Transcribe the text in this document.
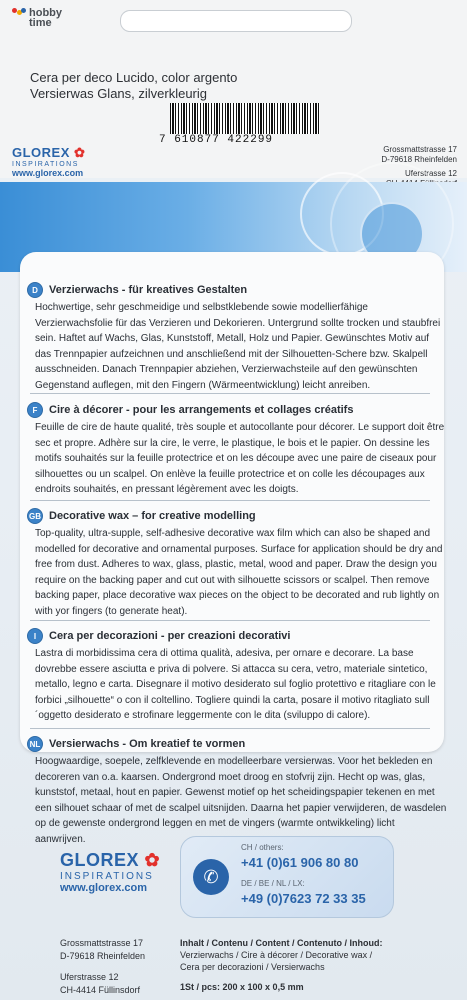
hobby
time
Cera per deco Lucido, color argento
Versierwas Glans, zilverkleurig
7 610877 422299
GLOREX ✿
INSPIRATIONS
www.glorex.com
Grossmattstrasse 17
D-79618 Rheinfelden
Uferstrasse 12
D	Verzierwachs - für kreatives Gestalten

Hochwertige, sehr geschmeidige und selbstklebende sowie modellierfähige Verzierwachsfolie für das Verzieren und Dekorieren. Untergrund sollte trocken und staubfrei sein. Haftet auf Wachs, Glas, Kunststoff, Metall, Holz und Papier. Gewünschtes Motiv auf das Trennpapier aufzeichnen und anschließend mit der Silhouetten-Schere bzw. Skalpell ausschneiden. Danach Trennpapier abziehen, Verzierwachsteile auf den gewünschten Gegenstand auflegen, mit den Fingern (Wärmeentwicklung) leicht anreiben.

F	Cire à décorer - pour les arrangements et collages créatifs

Feuille de cire de haute qualité, très souple et autocollante pour décorer. Le support doit être sec et propre. Adhère sur la cire, le verre, le plastique, le bois et le papier. On dessine les motifs souhaités sur la feuille protectrice et on les découpe avec une paire de ciseaux pour silhouettes ou un scalpel. On enlève la feuille protectrice et on colle les découpages aux endroits souhaités, en pressant légèrement avec les doigts.

GB Decorative wax – for creative modelling

Top-quality, ultra-supple, self-adhesive decorative wax film which can also be shaped and modelled for decorative and ornamental purposes. Surface for application should be dry and free from dust. Adheres to wax, glass, plastic, metal, wood and paper. Draw the design you require on the backing paper and cut out with silhouette scissors or scalpel. Then remove backing paper, place decorative wax pieces on the object to be decorated and rub lightly on with yor fingers (to generate heat).

I	Cera per decorazioni - per creazioni decorativi

Lastra di morbidissima cera di ottima qualità, adesiva, per ornare e decorare. La base dovrebbe essere asciutta e priva di polvere. Si attacca su cera, vetro, materiale sintetico, metallo, legno e carta. Disegnare il motivo desiderato sul foglio protettivo e ritagliare con le forbici „silhouette“ o con il coltellino. Togliere quindi la carta, posare il motivo ritagliato sull´oggetto desiderato e strofinare leggermente con le dita (sviluppo di calore).

NL Versierwachs - Om kreatief te vormen

Hoogwaardige, soepele, zelfklevende en modelleerbare versierwas. Voor het bekleden en decoreren van o.a. kaarsen. Ondergrond moet droog en stofvrij zijn. Hecht op was, glas, kunststof, metaal, hout en papier. Gewenst motief op het scheidingspapier tekenen en met een silhouet schaar of met de scalpel uitsnijden. Daarna het papier verwijderen, de wasdelen op de gewenste ondergrond leggen en met de vingers (warmte ontwikkeling) licht aanwrijven.

GLOREX ✿
INSPIRATIONS
www.glorex.com
✆
CH / others:
+41 (0)61 906 80 80
DE / BE / NL / LX:
+49 (0)7623 72 33 35
Grossmattstrasse 17
D-79618 Rheinfelden
Uferstrasse 12
CH-4414 Füllinsdorf
Inhalt / Contenu / Content / Contenuto / Inhoud:
Verzierwachs / Cire à décorer / Decorative wax /
Cera per decorazioni / Versierwachs
1St / pcs: 200 x 100 x 0,5 mm
